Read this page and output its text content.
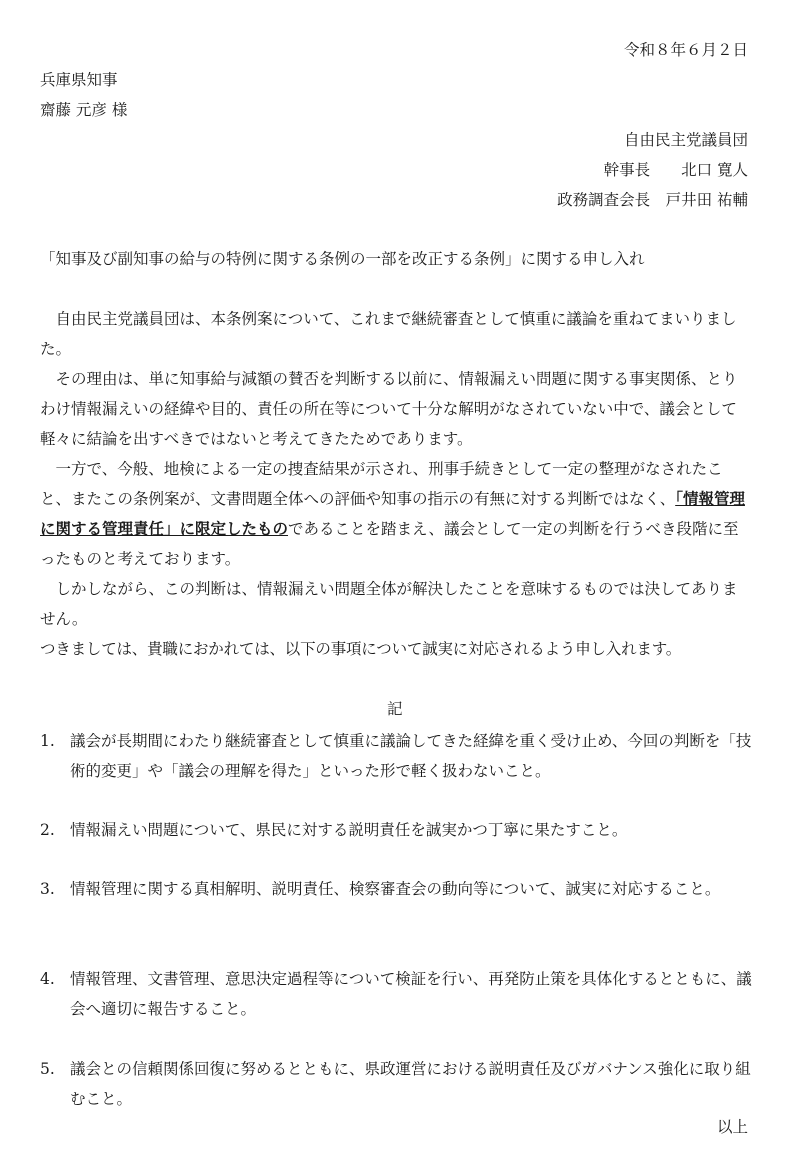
令和８年６月２日
兵庫県知事
齋藤 元彦 様
自由民主党議員団
幹事長　　北口 寛人
政務調査会長　戸井田 祐輔
「知事及び副知事の給与の特例に関する条例の一部を改正する条例」に関する申し入れ

自由民主党議員団は、本条例案について、これまで継続審査として慎重に議論を重ねてまいりました。

その理由は、単に知事給与減額の賛否を判断する以前に、情報漏えい問題に関する事実関係、とりわけ情報漏えいの経緯や目的、責任の所在等について十分な解明がなされていない中で、議会として軽々に結論を出すべきではないと考えてきたためであります。

一方で、今般、地検による一定の捜査結果が示され、刑事手続きとして一定の整理がなされたこと、またこの条例案が、文書問題全体への評価や知事の指示の有無に対する判断ではなく、「情報管理に関する管理責任」に限定したものであることを踏まえ、議会として一定の判断を行うべき段階に至ったものと考えております。

しかしながら、この判断は、情報漏えい問題全体が解決したことを意味するものでは決してありません。

つきましては、貴職におかれては、以下の事項について誠実に対応されるよう申し入れます。

記
1. 議会が長期間にわたり継続審査として慎重に議論してきた経緯を重く受け止め、今回の判断を「技術的変更」や「議会の理解を得た」といった形で軽く扱わないこと。
2. 情報漏えい問題について、県民に対する説明責任を誠実かつ丁寧に果たすこと。
3. 情報管理に関する真相解明、説明責任、検察審査会の動向等について、誠実に対応すること。
4. 情報管理、文書管理、意思決定過程等について検証を行い、再発防止策を具体化するとともに、議会へ適切に報告すること。
5. 議会との信頼関係回復に努めるとともに、県政運営における説明責任及びガバナンス強化に取り組むこと。
以上
